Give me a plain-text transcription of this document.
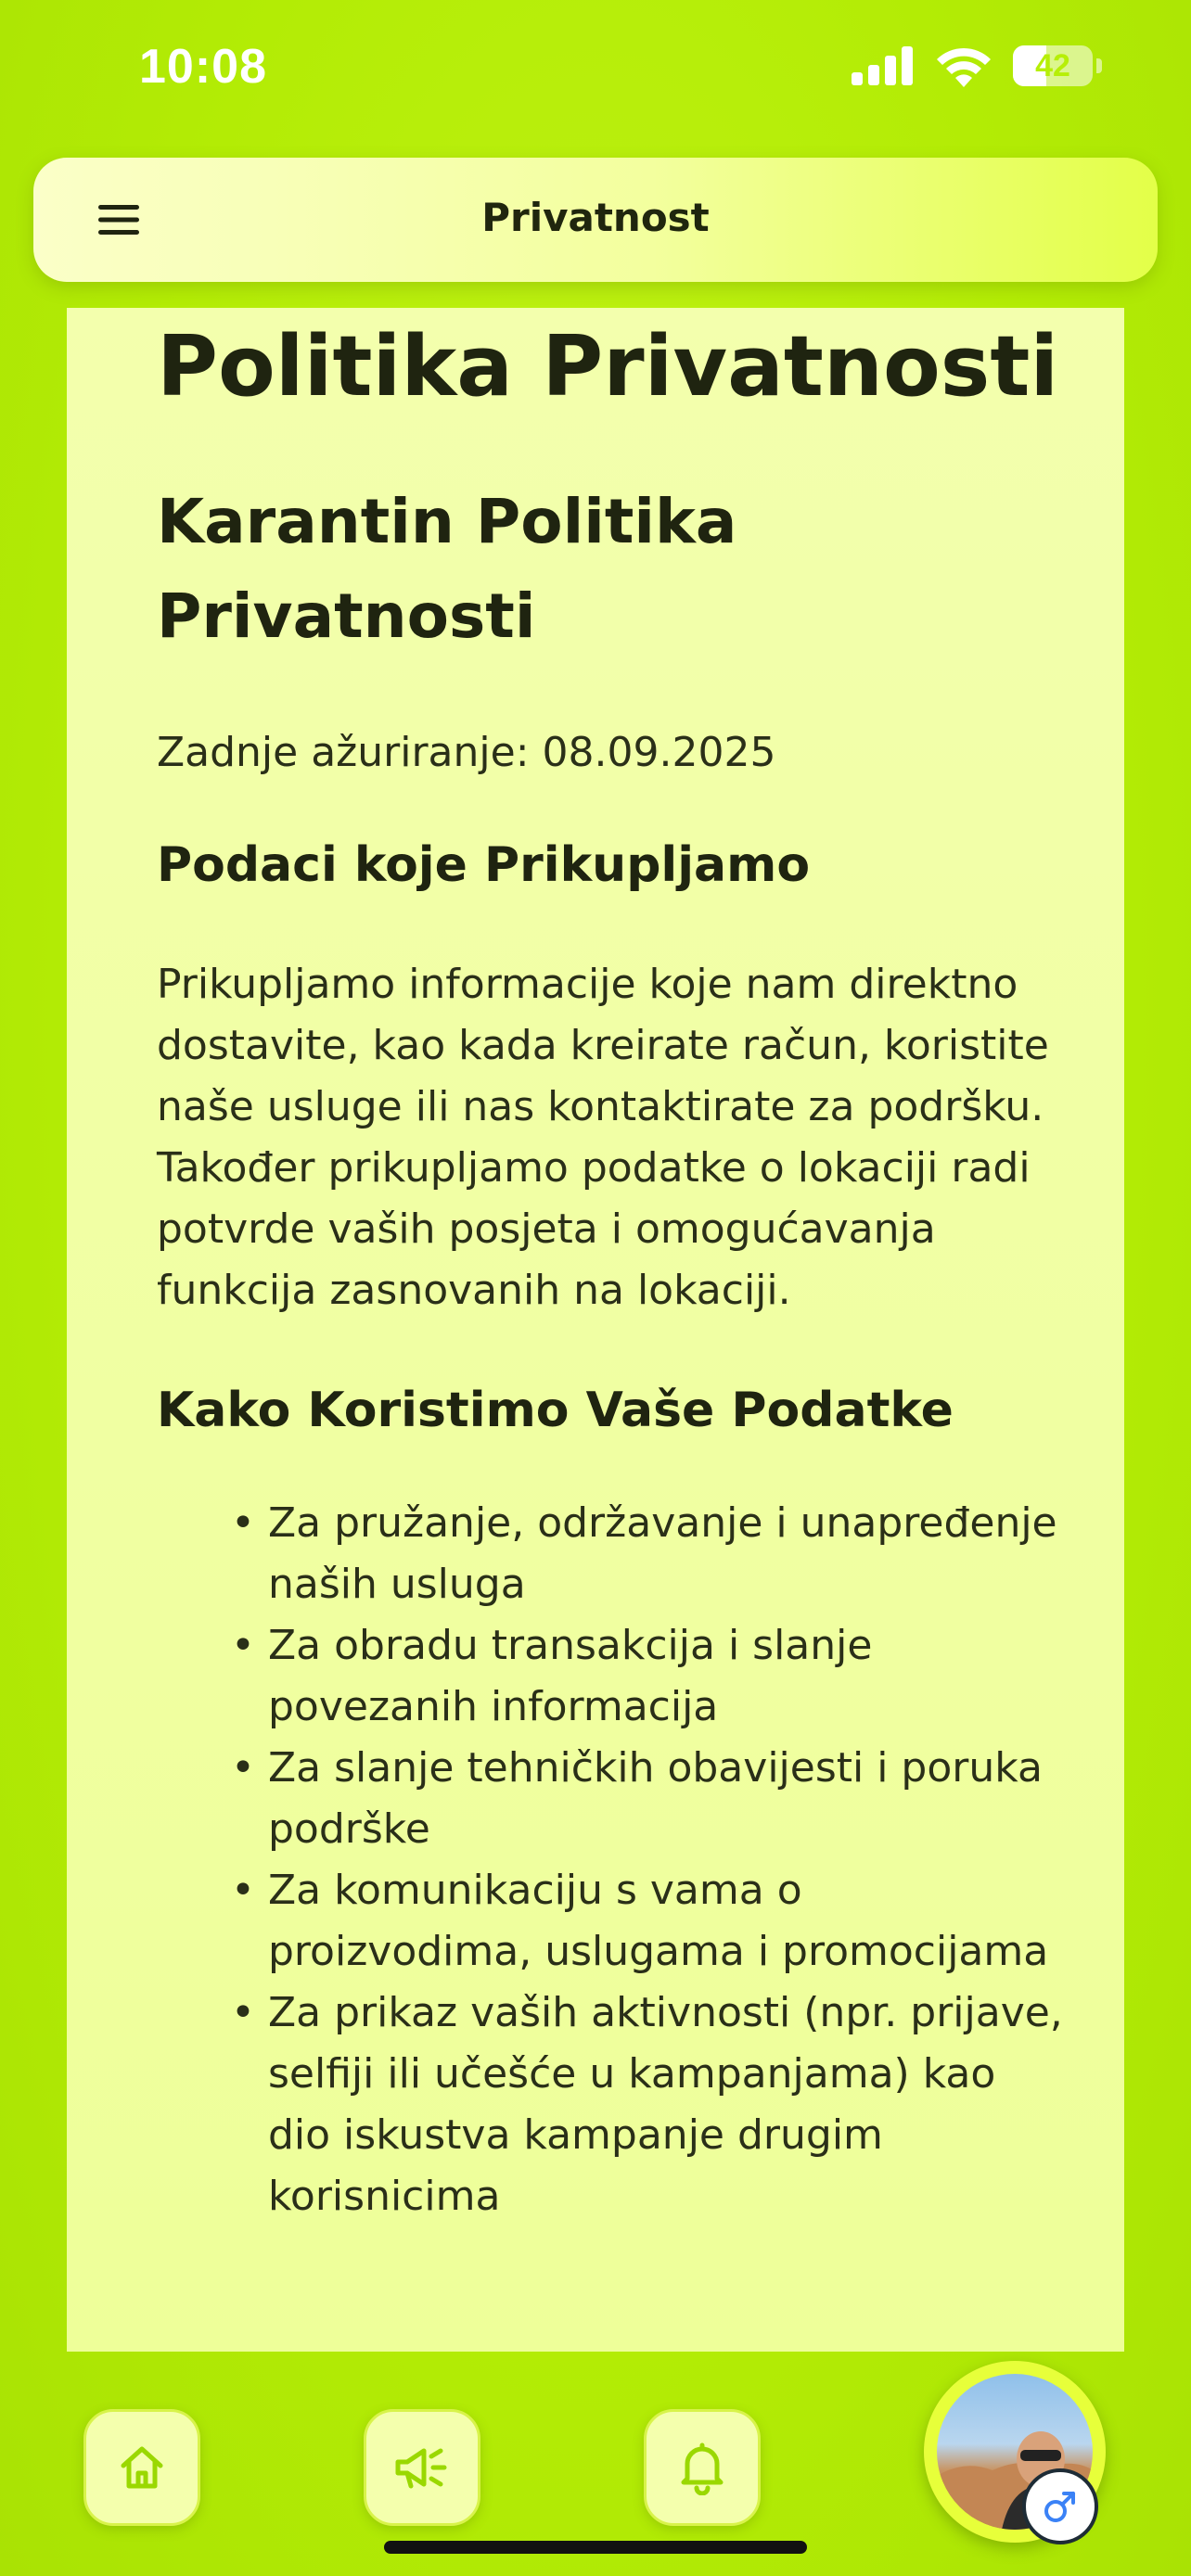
10:08	42
Privatnost
Politika Privatnosti
Karantin Politika Privatnosti

Zadnje ažuriranje: 08.09.2025

Podaci koje Prikupljamo

Prikupljamo informacije koje nam direktno dostavite, kao kada kreirate račun, koristite naše usluge ili nas kontaktirate za podršku. Također prikupljamo podatke o lokaciji radi potvrde vaših posjeta i omogućavanja funkcija zasnovanih na lokaciji.

Kako Koristimo Vaše Podatke
• Za pružanje, održavanje i unapređenje naših usluga
• Za obradu transakcija i slanje povezanih informacija
• Za slanje tehničkih obavijesti i poruka podrške
• Za komunikaciju s vama o proizvodima, uslugama i promocijama
• Za prikaz vaših aktivnosti (npr. prijave, selfiji ili učešće u kampanjama) kao dio iskustva kampanje drugim korisnicima
